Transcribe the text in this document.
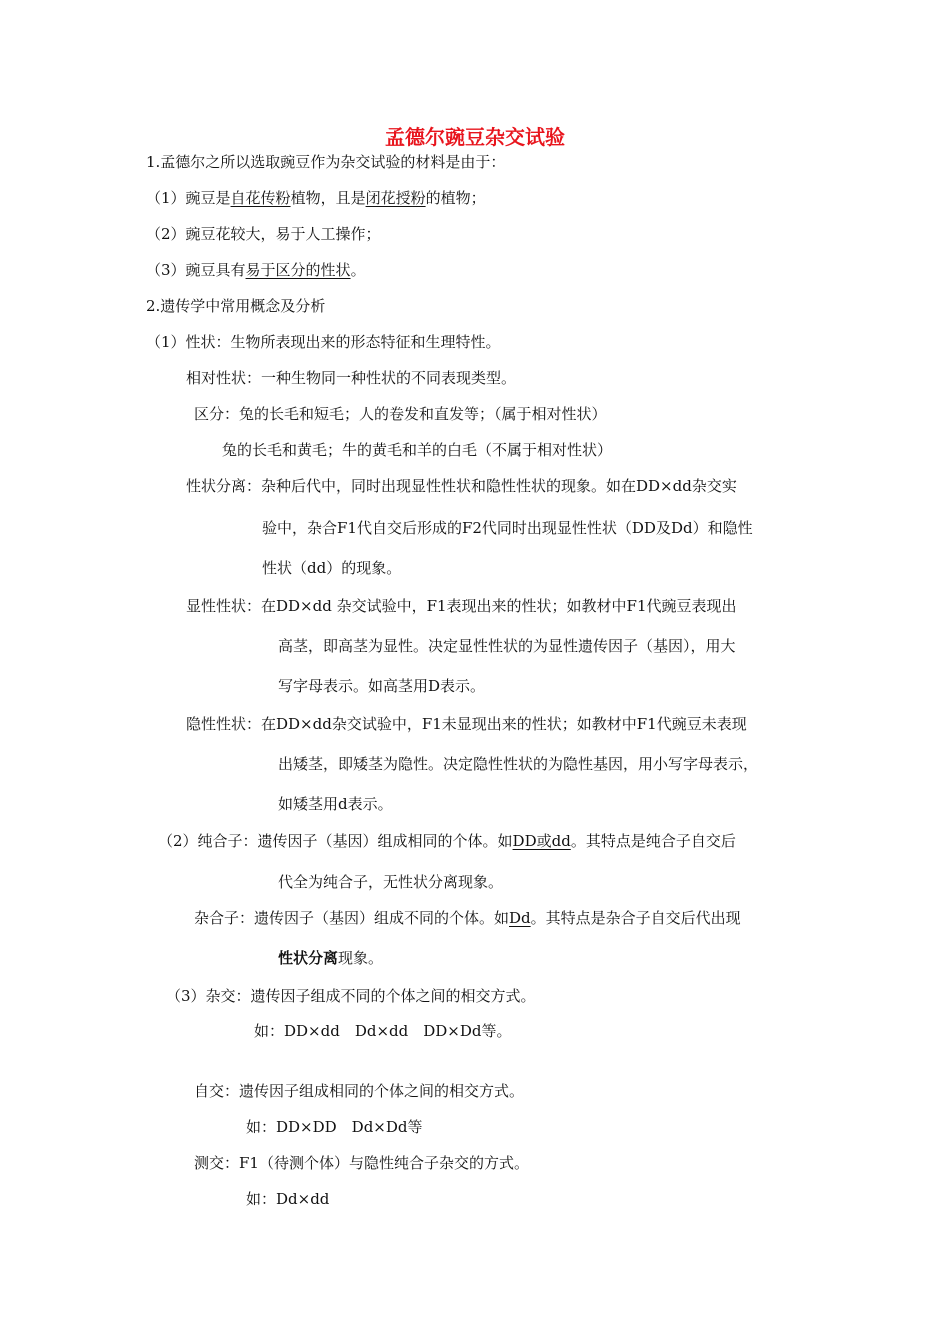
孟德尔豌豆杂交试验
1.孟德尔之所以选取豌豆作为杂交试验的材料是由于：
（1）豌豆是自花传粉植物，且是闭花授粉的植物；
（2）豌豆花较大，易于人工操作；
（3）豌豆具有易于区分的性状。
2.遗传学中常用概念及分析
（1）性状：生物所表现出来的形态特征和生理特性。
相对性状：一种生物同一种性状的不同表现类型。
区分：兔的长毛和短毛；人的卷发和直发等；（属于相对性状）
兔的长毛和黄毛；牛的黄毛和羊的白毛（不属于相对性状）
性状分离：杂种后代中，同时出现显性性状和隐性性状的现象。如在DD×dd杂交实
验中，杂合F1代自交后形成的F2代同时出现显性性状（DD及Dd）和隐性
性状（dd）的现象。
显性性状：在DD×dd 杂交试验中，F1表现出来的性状；如教材中F1代豌豆表现出
高茎，即高茎为显性。决定显性性状的为显性遗传因子（基因），用大
写字母表示。如高茎用D表示。
隐性性状：在DD×dd杂交试验中，F1未显现出来的性状；如教材中F1代豌豆未表现
出矮茎，即矮茎为隐性。决定隐性性状的为隐性基因，用小写字母表示，
如矮茎用d表示。
（2）纯合子：遗传因子（基因）组成相同的个体。如DD或dd。其特点是纯合子自交后
代全为纯合子，无性状分离现象。
杂合子：遗传因子（基因）组成不同的个体。如Dd。其特点是杂合子自交后代出现
性状分离现象。
（3）杂交：遗传因子组成不同的个体之间的相交方式。
如：DD×dd　Dd×dd　DD×Dd等。
自交：遗传因子组成相同的个体之间的相交方式。
如：DD×DD　Dd×Dd等
测交：F1（待测个体）与隐性纯合子杂交的方式。
如：Dd×dd
